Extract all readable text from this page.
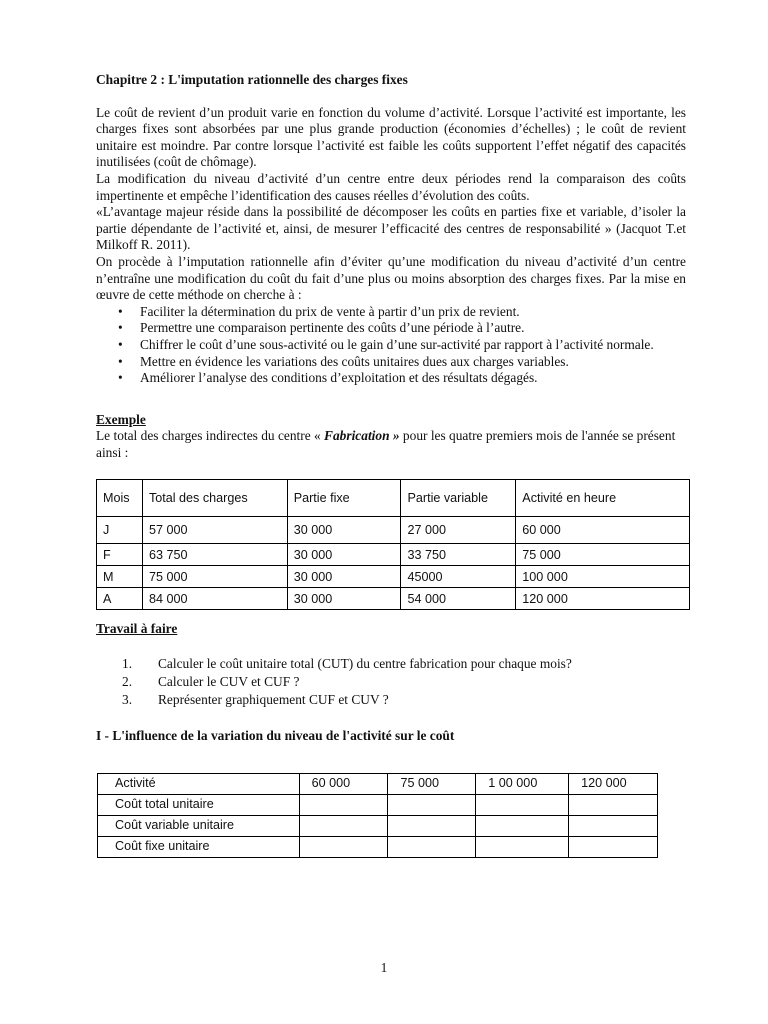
Chapitre 2 : L'imputation rationnelle des charges fixes

Le coût de revient d’un produit varie en fonction du volume d’activité. Lorsque l’activité est importante, les charges fixes sont absorbées par une plus grande production (économies d’échelles) ; le coût de revient unitaire est moindre. Par contre lorsque l’activité est faible les coûts supportent l’effet négatif des capacités inutilisées (coût de chômage).

La modification du niveau d’activité d’un centre entre deux périodes rend la comparaison des coûts impertinente et empêche l’identification des causes réelles d’évolution des coûts.

«L’avantage majeur réside dans la possibilité de décomposer les coûts en parties fixe et variable, d’isoler la partie dépendante de l’activité et, ainsi, de mesurer l’efficacité des centres de responsabilité » (Jacquot T.et Milkoff R. 2011).

On procède à l’imputation rationnelle afin d’éviter qu’une modification du niveau d’activité d’un centre n’entraîne une modification du coût du fait d’une plus ou moins absorption des charges fixes. Par la mise en œuvre de cette méthode on cherche à :

• Faciliter la détermination du prix de vente à partir d’un prix de revient.
• Permettre une comparaison pertinente des coûts d’une période à l’autre.
• Chiffrer le coût d’une sous-activité ou le gain d’une sur-activité par rapport à l’activité normale.
• Mettre en évidence les variations des coûts unitaires dues aux charges variables.
• Améliorer l’analyse des conditions d’exploitation et des résultats dégagés.

Exemple

Le total des charges indirectes du centre « Fabrication » pour les quatre premiers mois de l'année se présent ainsi :

Mois	Total des charges	Partie fixe	Partie variable	Activité en heure
J	57 000	30 000	27 000	60 000
F	63 750	30 000	33 750	75 000
M	75 000	30 000	45000	100 000
A	84 000	30 000	54 000	120 000

Travail à faire

1. Calculer le coût unitaire total (CUT) du centre fabrication pour chaque mois?
2. Calculer le CUV et CUF ?
3. Représenter graphiquement CUF et CUV ?

I - L'influence de la variation du niveau de l'activité sur le coût

Activité	60 000	75 000	1 00 000	120 000
Coût total unitaire				
Coût variable unitaire				
Coût fixe unitaire				
1
